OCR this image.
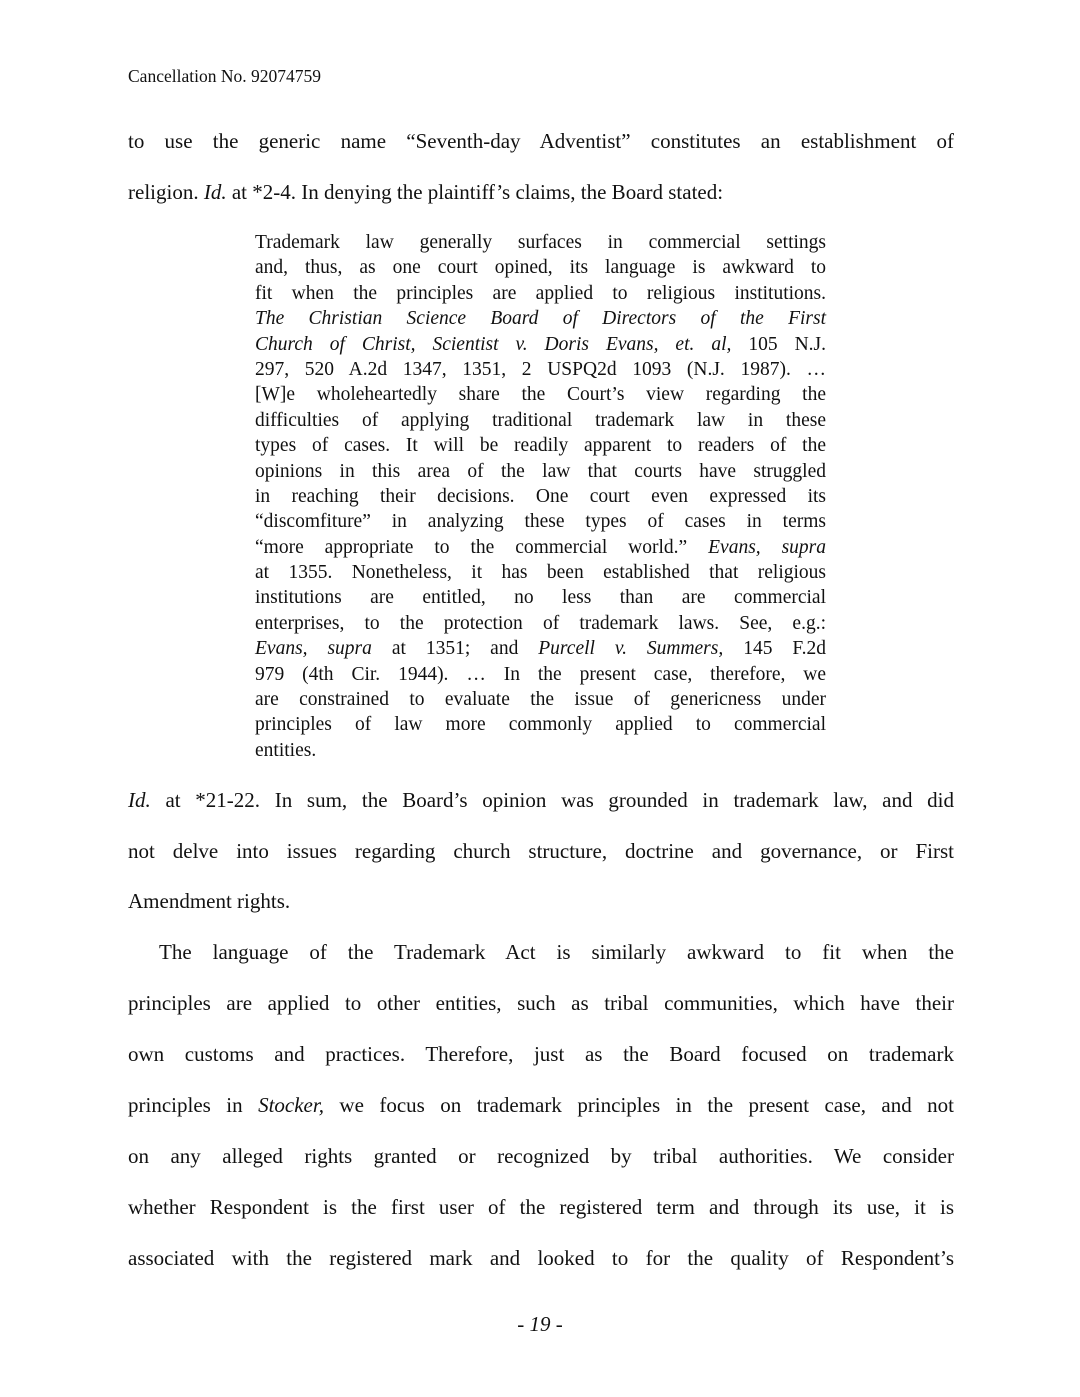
Cancellation No. 92074759
to use the generic name “Seventh-day Adventist” constitutes an establishment of
religion. Id. at *2-4. In denying the plaintiff’s claims, the Board stated:
Trademark law generally surfaces in commercial settings
and, thus, as one court opined, its language is awkward to
fit when the principles are applied to religious institutions.
The Christian Science Board of Directors of the First
Church of Christ, Scientist v. Doris Evans, et. al, 105 N.J.
297, 520 A.2d 1347, 1351, 2 USPQ2d 1093 (N.J. 1987). …
[W]e wholeheartedly share the Court’s view regarding the
difficulties of applying traditional trademark law in these
types of cases. It will be readily apparent to readers of the
opinions in this area of the law that courts have struggled
in reaching their decisions. One court even expressed its
“discomfiture” in analyzing these types of cases in terms
“more appropriate to the commercial world.” Evans, supra
at 1355. Nonetheless, it has been established that religious
institutions are entitled, no less than are commercial
enterprises, to the protection of trademark laws. See, e.g.:
Evans, supra at 1351; and Purcell v. Summers, 145 F.2d
979 (4th Cir. 1944). … In the present case, therefore, we
are constrained to evaluate the issue of genericness under
principles of law more commonly applied to commercial
entities.
Id. at *21-22. In sum, the Board’s opinion was grounded in trademark law, and did
not delve into issues regarding church structure, doctrine and governance, or First
Amendment rights.
The language of the Trademark Act is similarly awkward to fit when the
principles are applied to other entities, such as tribal communities, which have their
own customs and practices. Therefore, just as the Board focused on trademark
principles in Stocker, we focus on trademark principles in the present case, and not
on any alleged rights granted or recognized by tribal authorities. We consider
whether Respondent is the first user of the registered term and through its use, it is
associated with the registered mark and looked to for the quality of Respondent’s
- 19 -
